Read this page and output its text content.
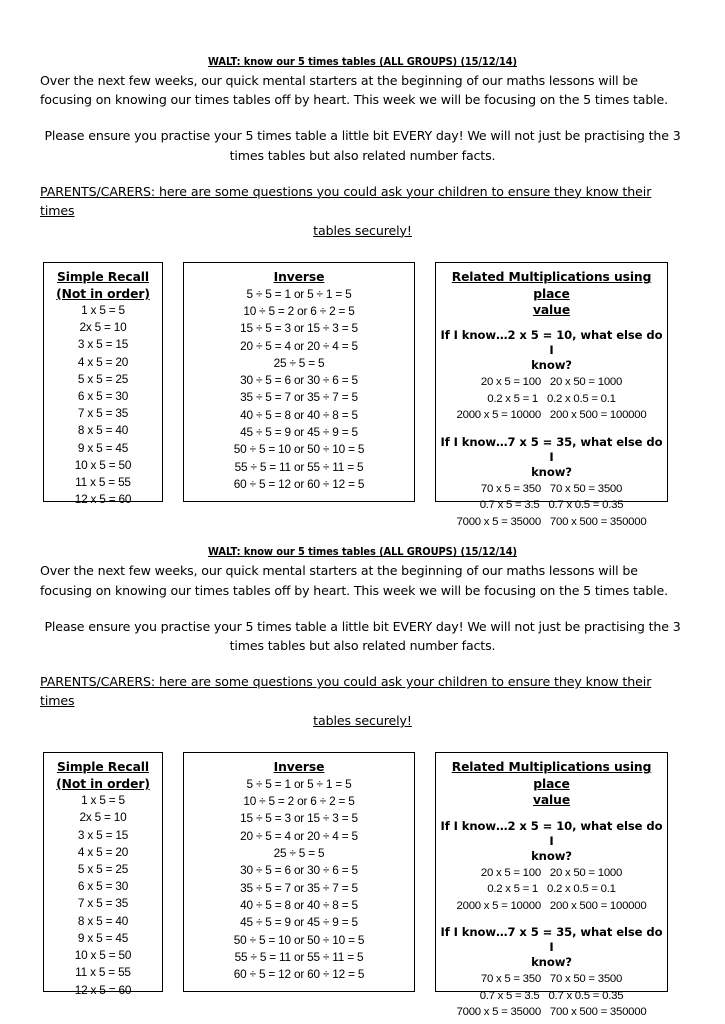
WALT: know our 5 times tables (ALL GROUPS) (15/12/14)
Over the next few weeks, our quick mental starters at the beginning of our maths lessons will be focusing on knowing our times tables off by heart. This week we will be focusing on the 5 times table.
Please ensure you practise your 5 times table a little bit EVERY day! We will not just be practising the 3 times tables but also related number facts.
PARENTS/CARERS: here are some questions you could ask your children to ensure they know their times
tables securely!
Simple Recall
(Not in order)
1 x 5 = 5
2x 5 = 10
3 x 5 = 15
4 x 5 = 20
5 x 5 = 25
6 x 5 = 30
7 x 5 = 35
8 x 5 = 40
9 x 5 = 45
10 x 5 = 50
11 x 5 = 55
12 x 5 = 60
Inverse
5 ÷ 5 = 1 or 5 ÷ 1 = 5
10 ÷ 5 = 2 or 6 ÷ 2 = 5
15 ÷ 5 = 3 or 15 ÷ 3 = 5
20 ÷ 5 = 4 or 20 ÷ 4 = 5
25 ÷ 5 = 5
30 ÷ 5 = 6 or 30 ÷ 6 = 5
35 ÷ 5 = 7 or 35 ÷ 7 = 5
40 ÷ 5 = 8 or 40 ÷ 8 = 5
45 ÷ 5 = 9 or 45 ÷ 9 = 5
50 ÷ 5 = 10 or 50 ÷ 10 = 5
55 ÷ 5 = 11 or 55 ÷ 11 = 5
60 ÷ 5 = 12 or 60 ÷ 12 = 5
Related Multiplications using place
value
If I know…2 x 5 = 10, what else do I
know?
20 x 5 = 100 20 x 50 = 1000
0.2 x 5 = 1 0.2 x 0.5 = 0.1
2000 x 5 = 10000 200 x 500 = 100000
If I know…7 x 5 = 35, what else do I
know?
70 x 5 = 350 70 x 50 = 3500
0.7 x 5 = 3.5 0.7 x 0.5 = 0.35
7000 x 5 = 35000 700 x 500 = 350000
WALT: know our 5 times tables (ALL GROUPS) (15/12/14)
Over the next few weeks, our quick mental starters at the beginning of our maths lessons will be focusing on knowing our times tables off by heart. This week we will be focusing on the 5 times table.
Please ensure you practise your 5 times table a little bit EVERY day! We will not just be practising the 3 times tables but also related number facts.
PARENTS/CARERS: here are some questions you could ask your children to ensure they know their times
tables securely!
Simple Recall
(Not in order)
1 x 5 = 5
2x 5 = 10
3 x 5 = 15
4 x 5 = 20
5 x 5 = 25
6 x 5 = 30
7 x 5 = 35
8 x 5 = 40
9 x 5 = 45
10 x 5 = 50
11 x 5 = 55
12 x 5 = 60
Inverse
5 ÷ 5 = 1 or 5 ÷ 1 = 5
10 ÷ 5 = 2 or 6 ÷ 2 = 5
15 ÷ 5 = 3 or 15 ÷ 3 = 5
20 ÷ 5 = 4 or 20 ÷ 4 = 5
25 ÷ 5 = 5
30 ÷ 5 = 6 or 30 ÷ 6 = 5
35 ÷ 5 = 7 or 35 ÷ 7 = 5
40 ÷ 5 = 8 or 40 ÷ 8 = 5
45 ÷ 5 = 9 or 45 ÷ 9 = 5
50 ÷ 5 = 10 or 50 ÷ 10 = 5
55 ÷ 5 = 11 or 55 ÷ 11 = 5
60 ÷ 5 = 12 or 60 ÷ 12 = 5
Related Multiplications using place
value
If I know…2 x 5 = 10, what else do I
know?
20 x 5 = 100 20 x 50 = 1000
0.2 x 5 = 1 0.2 x 0.5 = 0.1
2000 x 5 = 10000 200 x 500 = 100000
If I know…7 x 5 = 35, what else do I
know?
70 x 5 = 350 70 x 50 = 3500
0.7 x 5 = 3.5 0.7 x 0.5 = 0.35
7000 x 5 = 35000 700 x 500 = 350000
